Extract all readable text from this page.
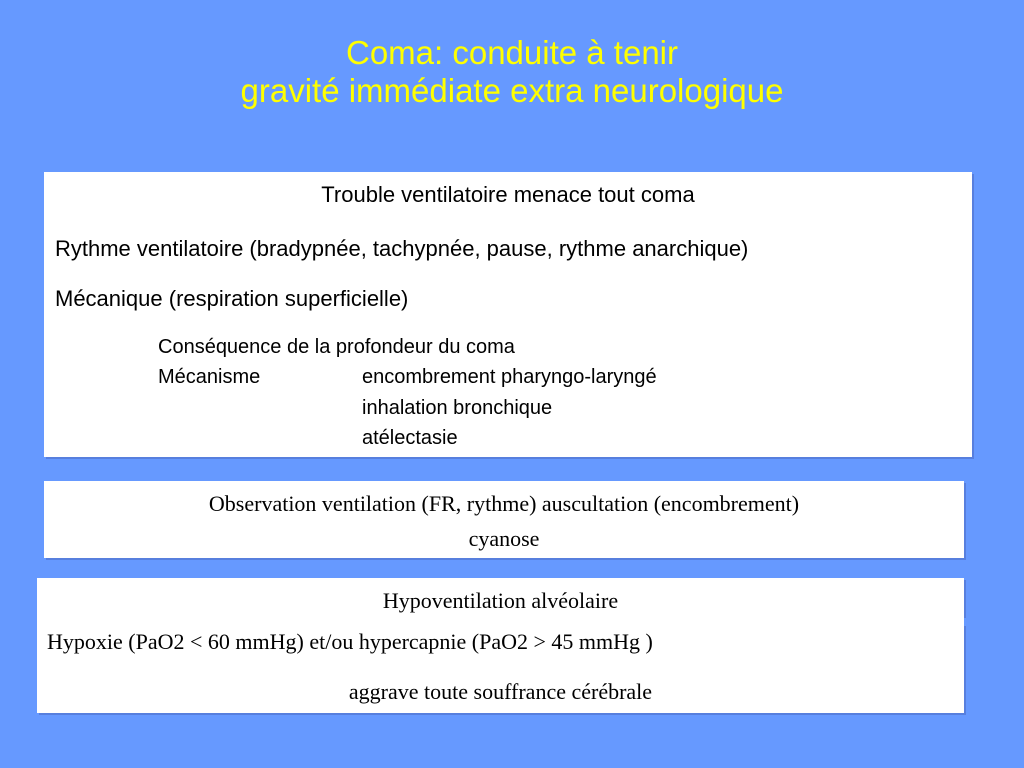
Coma: conduite à tenir
gravité immédiate extra neurologique
Trouble ventilatoire menace tout coma
Rythme ventilatoire (bradypnée, tachypnée, pause, rythme anarchique)
Mécanique (respiration superficielle)
Conséquence de la profondeur du coma
Mécanisme	encombrement pharyngo-laryngé
inhalation bronchique
atélectasie
Observation ventilation (FR, rythme) auscultation (encombrement)
cyanose
Hypoventilation alvéolaire
Hypoxie (PaO2 < 60 mmHg) et/ou hypercapnie (PaO2 > 45 mmHg )
aggrave toute souffrance cérébrale
